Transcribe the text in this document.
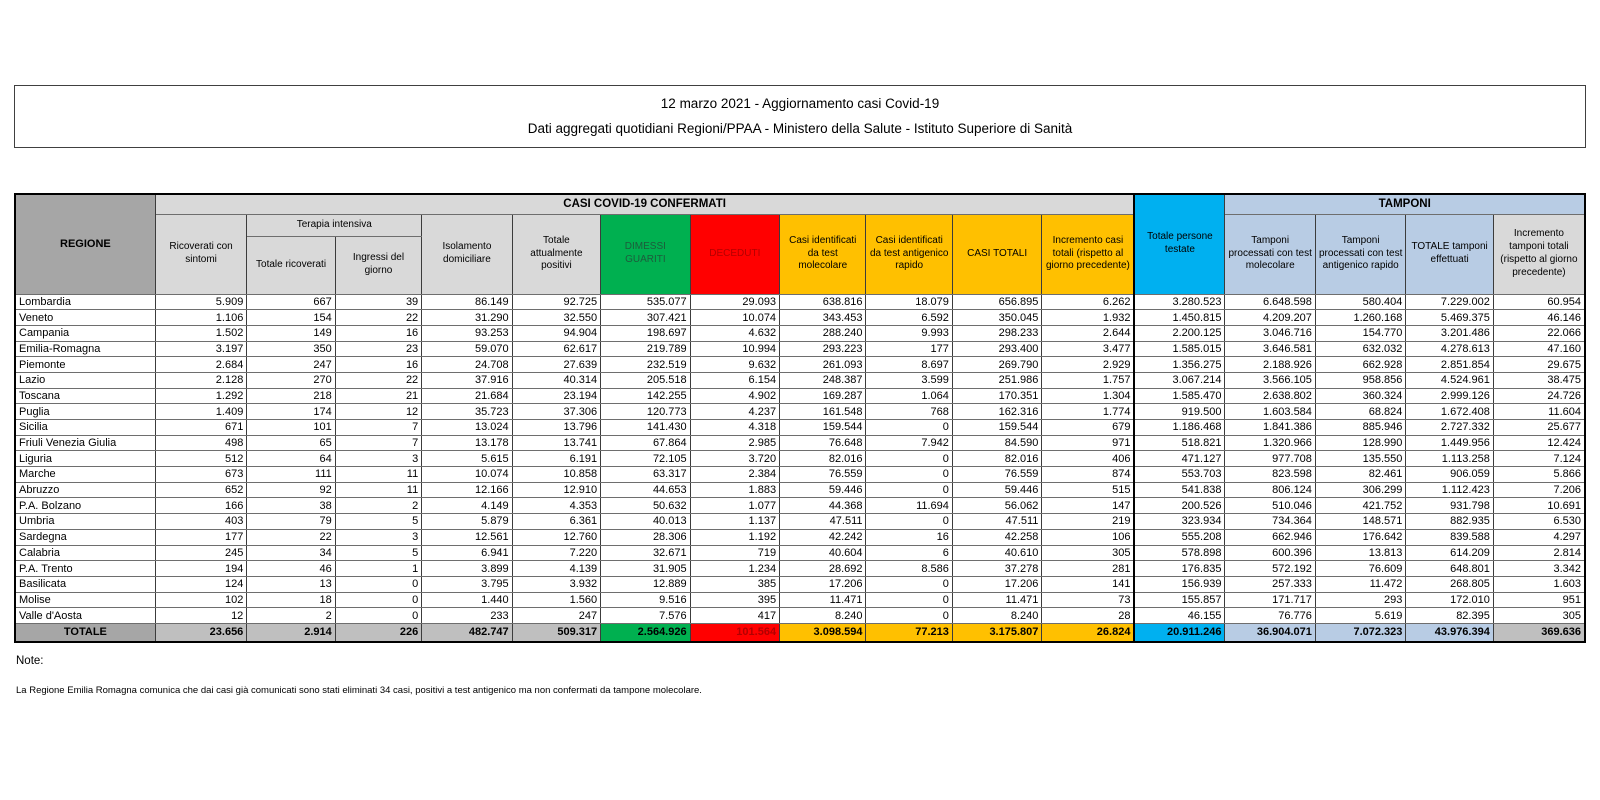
12 marzo 2021 - Aggiornamento casi Covid-19
Dati aggregati quotidiani Regioni/PPAA - Ministero della Salute - Istituto Superiore di Sanità
REGIONE	CASI COVID-19 CONFERMATI											Totale persone testate	TAMPONI			
	Ricoverati con sintomi	Terapia intensiva		Isolamento domiciliare	Totale attualmente positivi	DIMESSI GUARITI	DECEDUTI	Casi identificati da test molecolare	Casi identificati da test antigenico rapido	CASI TOTALI	Incremento casi totali (rispetto al giorno precedente)		Tamponi processati con test molecolare	Tamponi processati con test antigenico rapido	TOTALE tamponi effettuati	Incremento tamponi totali (rispetto al giorno precedente)
		Totale ricoverati	Ingressi del giorno													
Lombardia	5.909	667	39	86.149	92.725	535.077	29.093	638.816	18.079	656.895	6.262	3.280.523	6.648.598	580.404	7.229.002	60.954
Veneto	1.106	154	22	31.290	32.550	307.421	10.074	343.453	6.592	350.045	1.932	1.450.815	4.209.207	1.260.168	5.469.375	46.146
Campania	1.502	149	16	93.253	94.904	198.697	4.632	288.240	9.993	298.233	2.644	2.200.125	3.046.716	154.770	3.201.486	22.066
Emilia-Romagna	3.197	350	23	59.070	62.617	219.789	10.994	293.223	177	293.400	3.477	1.585.015	3.646.581	632.032	4.278.613	47.160
Piemonte	2.684	247	16	24.708	27.639	232.519	9.632	261.093	8.697	269.790	2.929	1.356.275	2.188.926	662.928	2.851.854	29.675
Lazio	2.128	270	22	37.916	40.314	205.518	6.154	248.387	3.599	251.986	1.757	3.067.214	3.566.105	958.856	4.524.961	38.475
Toscana	1.292	218	21	21.684	23.194	142.255	4.902	169.287	1.064	170.351	1.304	1.585.470	2.638.802	360.324	2.999.126	24.726
Puglia	1.409	174	12	35.723	37.306	120.773	4.237	161.548	768	162.316	1.774	919.500	1.603.584	68.824	1.672.408	11.604
Sicilia	671	101	7	13.024	13.796	141.430	4.318	159.544	0	159.544	679	1.186.468	1.841.386	885.946	2.727.332	25.677
Friuli Venezia Giulia	498	65	7	13.178	13.741	67.864	2.985	76.648	7.942	84.590	971	518.821	1.320.966	128.990	1.449.956	12.424
Liguria	512	64	3	5.615	6.191	72.105	3.720	82.016	0	82.016	406	471.127	977.708	135.550	1.113.258	7.124
Marche	673	111	11	10.074	10.858	63.317	2.384	76.559	0	76.559	874	553.703	823.598	82.461	906.059	5.866
Abruzzo	652	92	11	12.166	12.910	44.653	1.883	59.446	0	59.446	515	541.838	806.124	306.299	1.112.423	7.206
P.A. Bolzano	166	38	2	4.149	4.353	50.632	1.077	44.368	11.694	56.062	147	200.526	510.046	421.752	931.798	10.691
Umbria	403	79	5	5.879	6.361	40.013	1.137	47.511	0	47.511	219	323.934	734.364	148.571	882.935	6.530
Sardegna	177	22	3	12.561	12.760	28.306	1.192	42.242	16	42.258	106	555.208	662.946	176.642	839.588	4.297
Calabria	245	34	5	6.941	7.220	32.671	719	40.604	6	40.610	305	578.898	600.396	13.813	614.209	2.814
P.A. Trento	194	46	1	3.899	4.139	31.905	1.234	28.692	8.586	37.278	281	176.835	572.192	76.609	648.801	3.342
Basilicata	124	13	0	3.795	3.932	12.889	385	17.206	0	17.206	141	156.939	257.333	11.472	268.805	1.603
Molise	102	18	0	1.440	1.560	9.516	395	11.471	0	11.471	73	155.857	171.717	293	172.010	951
Valle d'Aosta	12	2	0	233	247	7.576	417	8.240	0	8.240	28	46.155	76.776	5.619	82.395	305
TOTALE	23.656	2.914	226	482.747	509.317	2.564.926	101.564	3.098.594	77.213	3.175.807	26.824	20.911.246	36.904.071	7.072.323	43.976.394	369.636
Note:
La Regione Emilia Romagna comunica che dai casi già comunicati sono stati eliminati 34 casi, positivi a test antigenico ma non confermati da tampone molecolare.
